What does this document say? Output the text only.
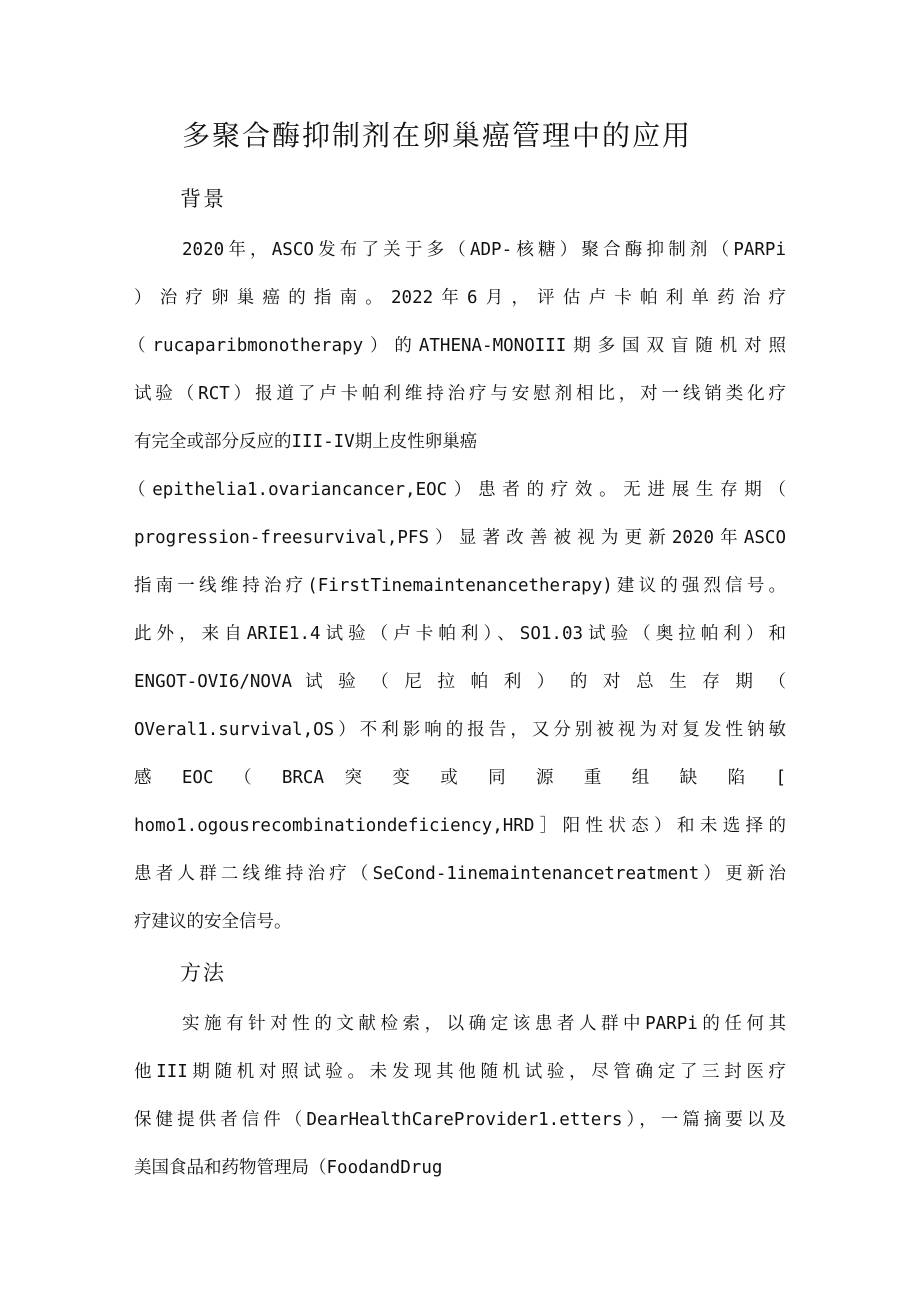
多聚合酶抑制剂在卵巢癌管理中的应用
背景
2020年，ASCO发布了关于多（ADP-核糖）聚合酶抑制剂（PARPi
）治疗卵巢癌的指南。2022年6月，评估卢卡帕利单药治疗
（rucaparibmonotherapy）的ATHENA-MONOIII期多国双盲随机对照
试验（RCT）报道了卢卡帕利维持治疗与安慰剂相比，对一线销类化疗
有完全或部分反应的III-IV期上皮性卵巢癌
（epithelia1.ovariancancer,EOC）患者的疗效。无进展生存期（
progression-freesurvival,PFS）显著改善被视为更新2020年ASCO
指南一线维持治疗(FirstTinemaintenancetherapy)建议的强烈信号。
此外，来自ARIE1.4试验（卢卡帕利）、SO1.03试验（奥拉帕利）和
ENGOT-OVI6/NOVA 试 验 （ 尼 拉 帕 利 ） 的 对 总 生 存 期 （
OVeral1.survival,OS）不利影响的报告，又分别被视为对复发性钠敏
感 EOC （ BRCA 突 变 或 同 源 重 组 缺 陷 [
homo1.ogousrecombinationdeficiency,HRD］阳性状态）和未选择的
患者人群二线维持治疗（SeCond-1inemaintenancetreatment）更新治
疗建议的安全信号。
方法
实施有针对性的文献检索，以确定该患者人群中PARPi的任何其
他III期随机对照试验。未发现其他随机试验，尽管确定了三封医疗
保健提供者信件（DearHealthCareProvider1.etters），一篇摘要以及
美国食品和药物管理局（FoodandDrug
